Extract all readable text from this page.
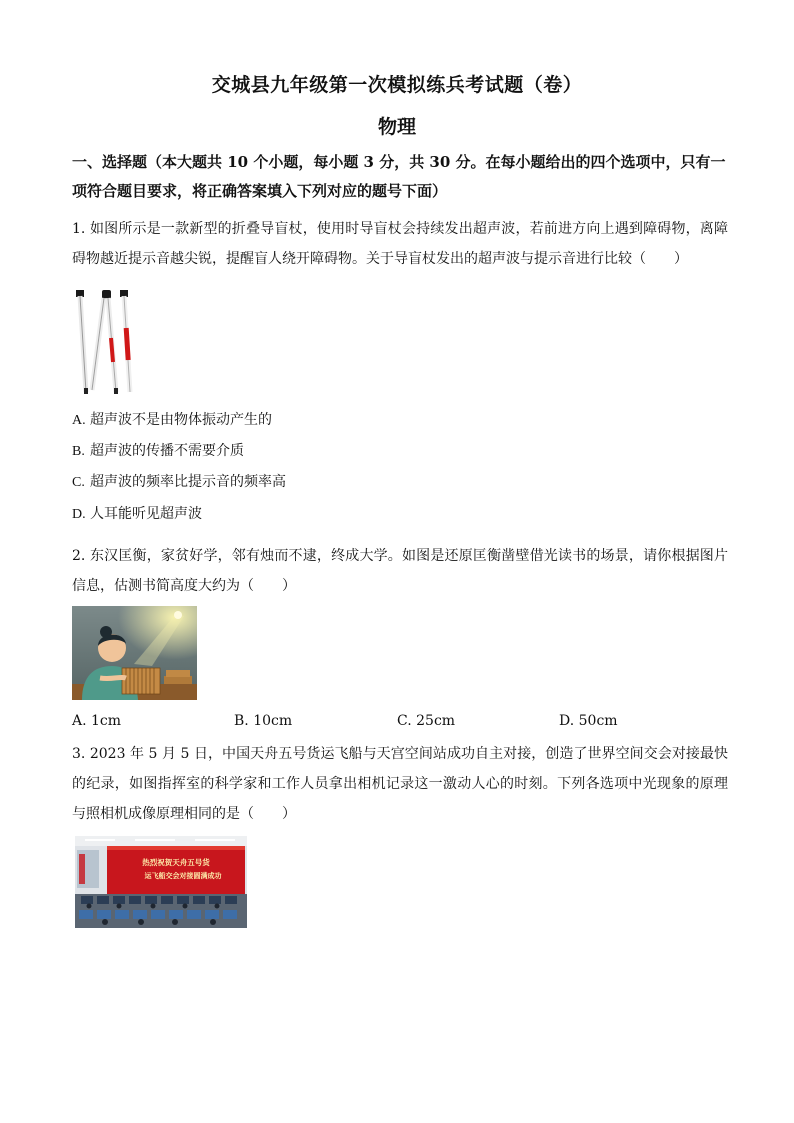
交城县九年级第一次模拟练兵考试题（卷）
物理
一、选择题（本大题共 10 个小题，每小题 3 分，共 30 分。在每小题给出的四个选项中，只有一项符合题目要求，将正确答案填入下列对应的题号下面）
1. 如图所示是一款新型的折叠导盲杖，使用时导盲杖会持续发出超声波，若前进方向上遇到障碍物，离障碍物越近提示音越尖锐，提醒盲人绕开障碍物。关于导盲杖发出的超声波与提示音进行比较（　　）
A. 超声波不是由物体振动产生的
B. 超声波的传播不需要介质
C. 超声波的频率比提示音的频率高
D. 人耳能听见超声波
2. 东汉匡衡，家贫好学，邻有烛而不逮，终成大学。如图是还原匡衡凿壁借光读书的场景，请你根据图片信息，估测书简高度大约为（　　）
A. 1cm	B. 10cm	C. 25cm	D. 50cm
3. 2023 年 5 月 5 日，中国天舟五号货运飞船与天宫空间站成功自主对接，创造了世界空间交会对接最快的纪录，如图指挥室的科学家和工作人员拿出相机记录这一激动人心的时刻。下列各选项中光现象的原理与照相机成像原理相同的是（　　）
热烈祝贺天舟五号货
运飞船交会对接圆满成功
